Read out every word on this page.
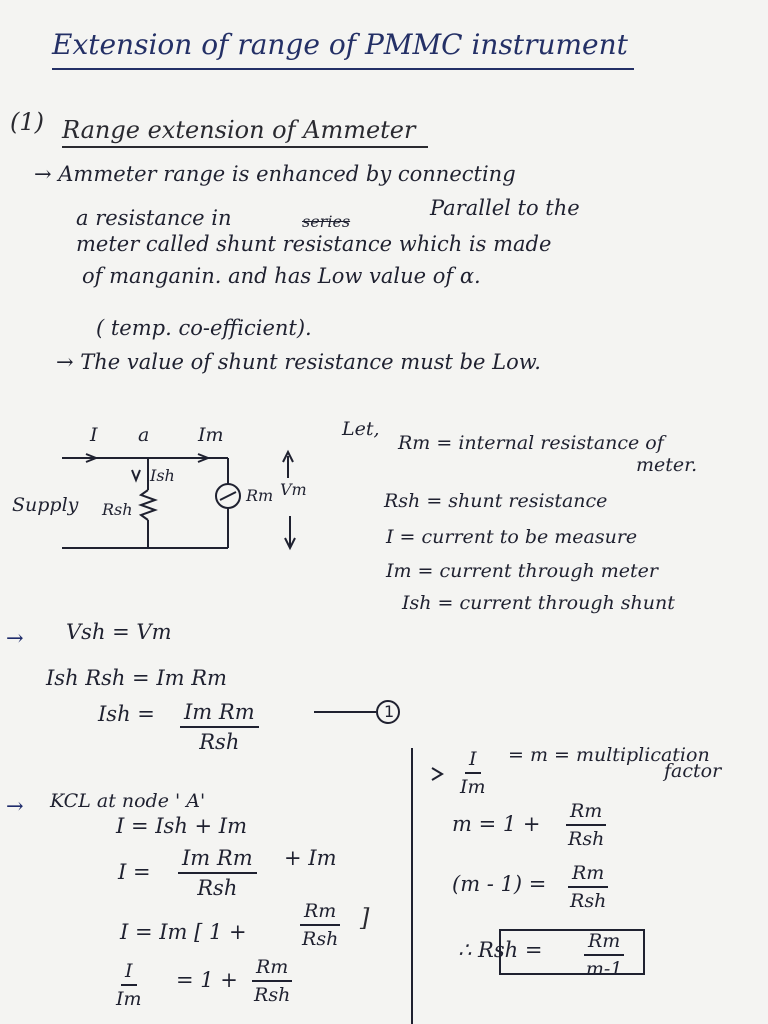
Extension of range of PMMC instrument
(1) Range extension of Ammeter
→ Ammeter range is enhanced by connecting
a resistance in	series
Parallel to the
meter called shunt resistance which is made
of manganin. and has Low value of α.
( temp. co-efficient).
→ The value of shunt resistance must be Low.
I a	Im
Ish
Supply Rsh
Rm Vm
Let,
Rm = internal resistance of
meter.
Rsh = shunt resistance
I = current to be measure
Im = current through meter
Ish = current through shunt
→ Vsh = Vm
Ish Rsh = Im Rm
Ish = Im Rm
Rsh
1
→ KCL at node ' A'
I = Ish + Im
I =
Im Rm
Rsh
+ Im
I = Im [ 1 +
Rm
Rsh
]
$\frac{I}{Im} = 1$ +
Rm
Rsh
$\frac{I}{Im} = m$ = multiplication
factor
m = 1 +
Rm
Rsh
(m - 1) = Rm
Rsh
∴ Rsh = $\frac{Rm}{m-1}$
